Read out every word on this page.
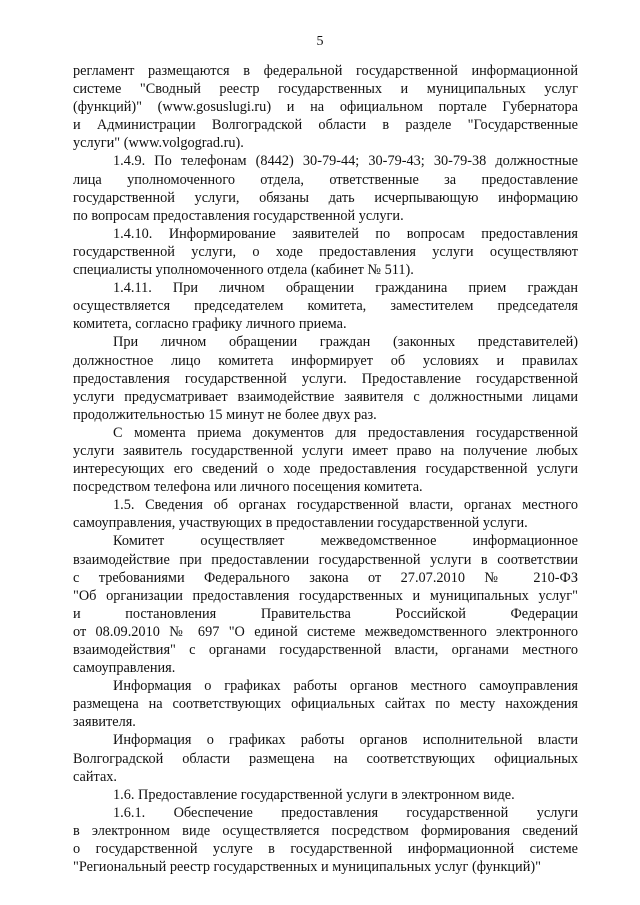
5
регламент размещаются в федеральной государственной информационной
системе "Сводный реестр государственных и муниципальных услуг
(функций)" (www.gosuslugi.ru) и на официальном портале Губернатора
и Администрации Волгоградской области в разделе "Государственные
услуги" (www.volgograd.ru).
1.4.9. По телефонам (8442) 30-79-44; 30-79-43; 30-79-38 должностные
лица уполномоченного отдела, ответственные за предоставление
государственной услуги, обязаны дать исчерпывающую информацию
по вопросам предоставления государственной услуги.
1.4.10. Информирование заявителей по вопросам предоставления
государственной услуги, о ходе предоставления услуги осуществляют
специалисты уполномоченного отдела (кабинет № 511).
1.4.11. При личном обращении гражданина прием граждан
осуществляется председателем комитета, заместителем председателя
комитета, согласно графику личного приема.
При личном обращении граждан (законных представителей)
должностное лицо комитета информирует об условиях и правилах
предоставления государственной услуги. Предоставление государственной
услуги предусматривает взаимодействие заявителя с должностными лицами
продолжительностью 15 минут не более двух раз.
С момента приема документов для предоставления государственной
услуги заявитель государственной услуги имеет право на получение любых
интересующих его сведений о ходе предоставления государственной услуги
посредством телефона или личного посещения комитета.
1.5. Сведения об органах государственной власти, органах местного
самоуправления, участвующих в предоставлении государственной услуги.
Комитет осуществляет межведомственное информационное
взаимодействие при предоставлении государственной услуги в соответствии
с требованиями Федерального закона от 27.07.2010 № 210-ФЗ
"Об организации предоставления государственных и муниципальных услуг"
и постановления Правительства Российской Федерации
от 08.09.2010 № 697 "О единой системе межведомственного электронного
взаимодействия" с органами государственной власти, органами местного
самоуправления.
Информация о графиках работы органов местного самоуправления
размещена на соответствующих официальных сайтах по месту нахождения
заявителя.
Информация о графиках работы органов исполнительной власти
Волгоградской области размещена на соответствующих официальных
сайтах.
1.6. Предоставление государственной услуги в электронном виде.
1.6.1. Обеспечение предоставления государственной услуги
в электронном виде осуществляется посредством формирования сведений
о государственной услуге в государственной информационной системе
"Региональный реестр государственных и муниципальных услуг (функций)"
